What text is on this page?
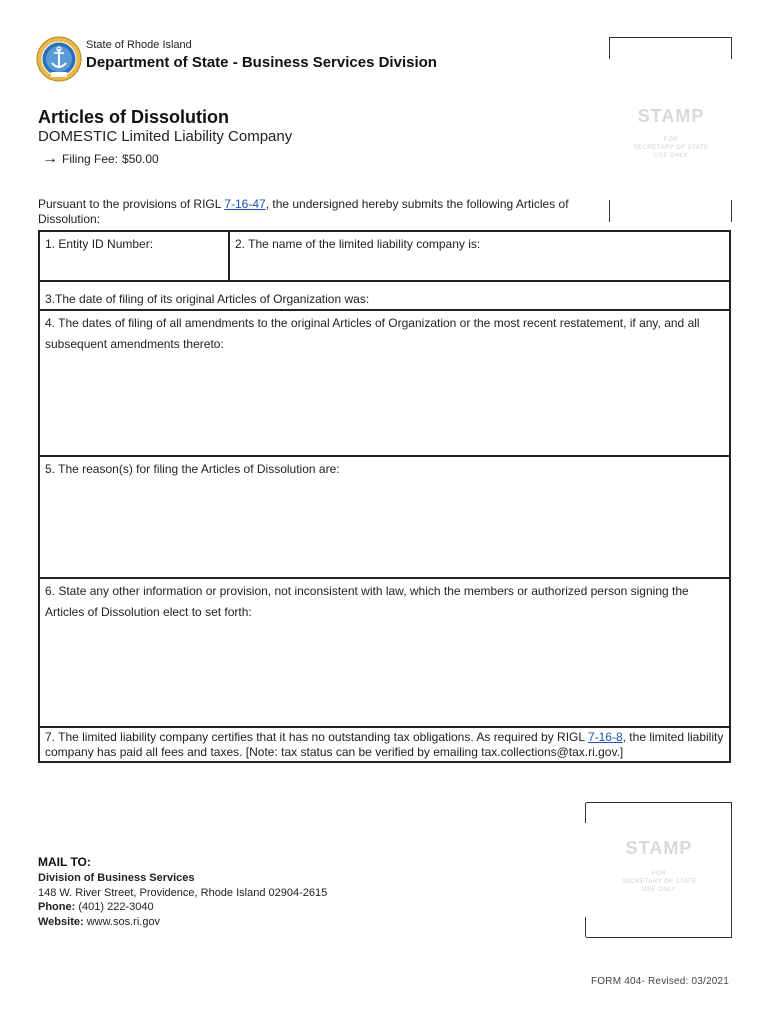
State of Rhode Island
Department of State - Business Services Division
Articles of Dissolution
DOMESTIC Limited Liability Company
→ Filing Fee: $50.00
STAMP
FOR
SECRETARY OF STATE
USE ONLY
Pursuant to the provisions of RIGL 7-16-47, the undersigned hereby submits the following Articles of Dissolution:
1. Entity ID Number:	2. The name of the limited liability company is:
3.The date of filing of its original Articles of Organization was:
4. The dates of filing of all amendments to the original Articles of Organization or the most recent restatement, if any, and all subsequent amendments thereto:
5. The reason(s) for filing the Articles of Dissolution are:
6. State any other information or provision, not inconsistent with law, which the members or authorized person signing the Articles of Dissolution elect to set forth:
7. The limited liability company certifies that it has no outstanding tax obligations. As required by RIGL 7-16-8, the limited liability company has paid all fees and taxes. [Note: tax status can be verified by emailing tax.collections@tax.ri.gov.]
STAMP
FOR
SECRETARY OF STATE
USE ONLY
MAIL TO:
Division of Business Services
148 W. River Street, Providence, Rhode Island 02904-2615
Phone: (401) 222-3040
Website: www.sos.ri.gov
FORM 404- Revised: 03/2021
